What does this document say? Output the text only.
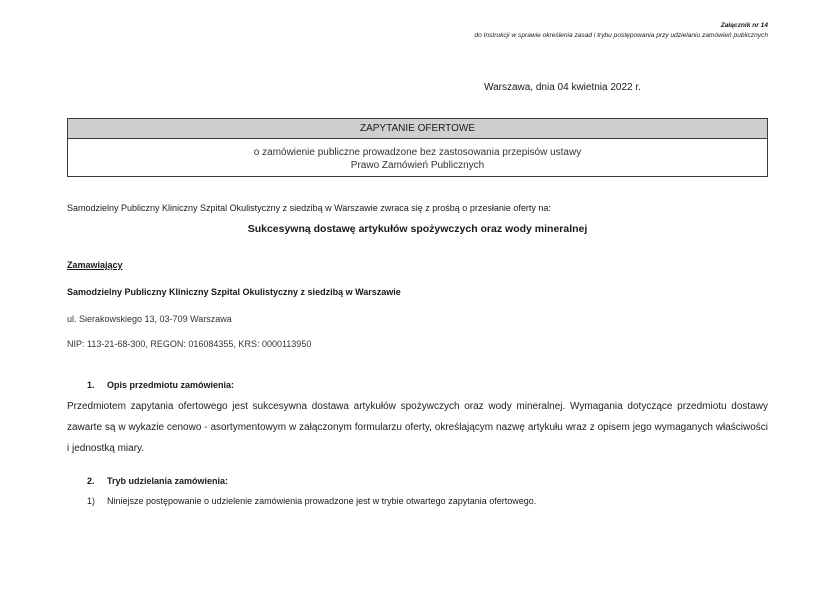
Załącznik nr 14
do Instrukcji w sprawie określenia zasad i trybu postępowania przy udzielaniu zamówień publicznych
Warszawa, dnia 04 kwietnia 2022 r.
ZAPYTANIE OFERTOWE
o zamówienie publiczne prowadzone bez zastosowania przepisów ustawy
Prawo Zamówień Publicznych
Samodzielny Publiczny Kliniczny Szpital Okulistyczny z siedzibą w Warszawie zwraca się z prośbą o przesłanie oferty na:
Sukcesywną dostawę artykułów spożywczych oraz wody mineralnej
Zamawiający
Samodzielny Publiczny Kliniczny Szpital Okulistyczny z siedzibą w Warszawie
ul. Sierakowskiego 13, 03-709 Warszawa
NIP: 113-21-68-300, REGON: 016084355, KRS: 0000113950
1. Opis przedmiotu zamówienia:
Przedmiotem zapytania ofertowego jest sukcesywna dostawa artykułów spożywczych oraz wody mineralnej. Wymagania dotyczące przedmiotu dostawy zawarte są w wykazie cenowo - asortymentowym w załączonym formularzu oferty, określającym nazwę artykułu wraz z opisem jego wymaganych właściwości i jednostką miary.
2. Tryb udzielania zamówienia:
1) Niniejsze postępowanie o udzielenie zamówienia prowadzone jest w trybie otwartego zapytania ofertowego.
